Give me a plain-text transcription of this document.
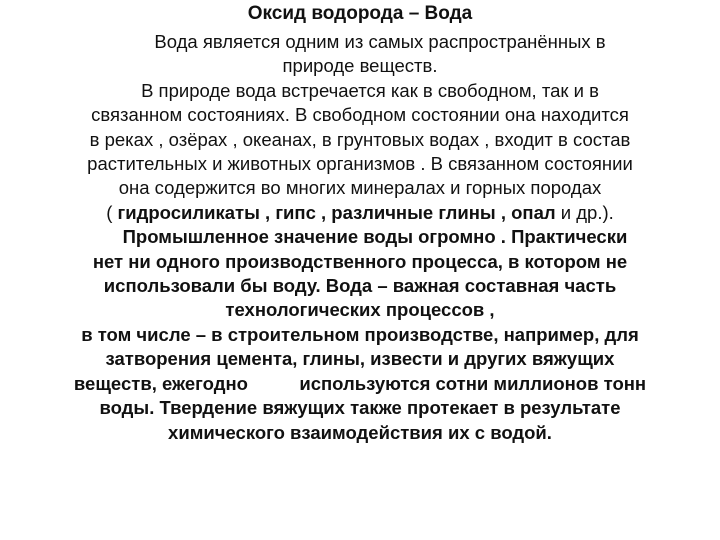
Оксид водорода – Вода
Вода является одним из самых распространённых в
природе веществ.
В природе вода встречается как в свободном, так и в
связанном состояниях. В свободном состоянии она находится
в реках , озёрах , океанах, в грунтовых водах , входит в состав
растительных и животных организмов . В связанном состоянии
она содержится во многих минералах и горных породах
( гидросиликаты , гипс , различные глины , опал и др.).
Промышленное значение воды огромно . Практически
нет ни одного производственного процесса, в котором не
использовали бы воду. Вода – важная составная часть
технологических процессов ,
в том числе – в строительном производстве, например, для
затворения цемента, глины, извести и других вяжущих
веществ, ежегодно          используются сотни миллионов тонн
воды. Твердение вяжущих также протекает в результате
химического взаимодействия их с водой.
